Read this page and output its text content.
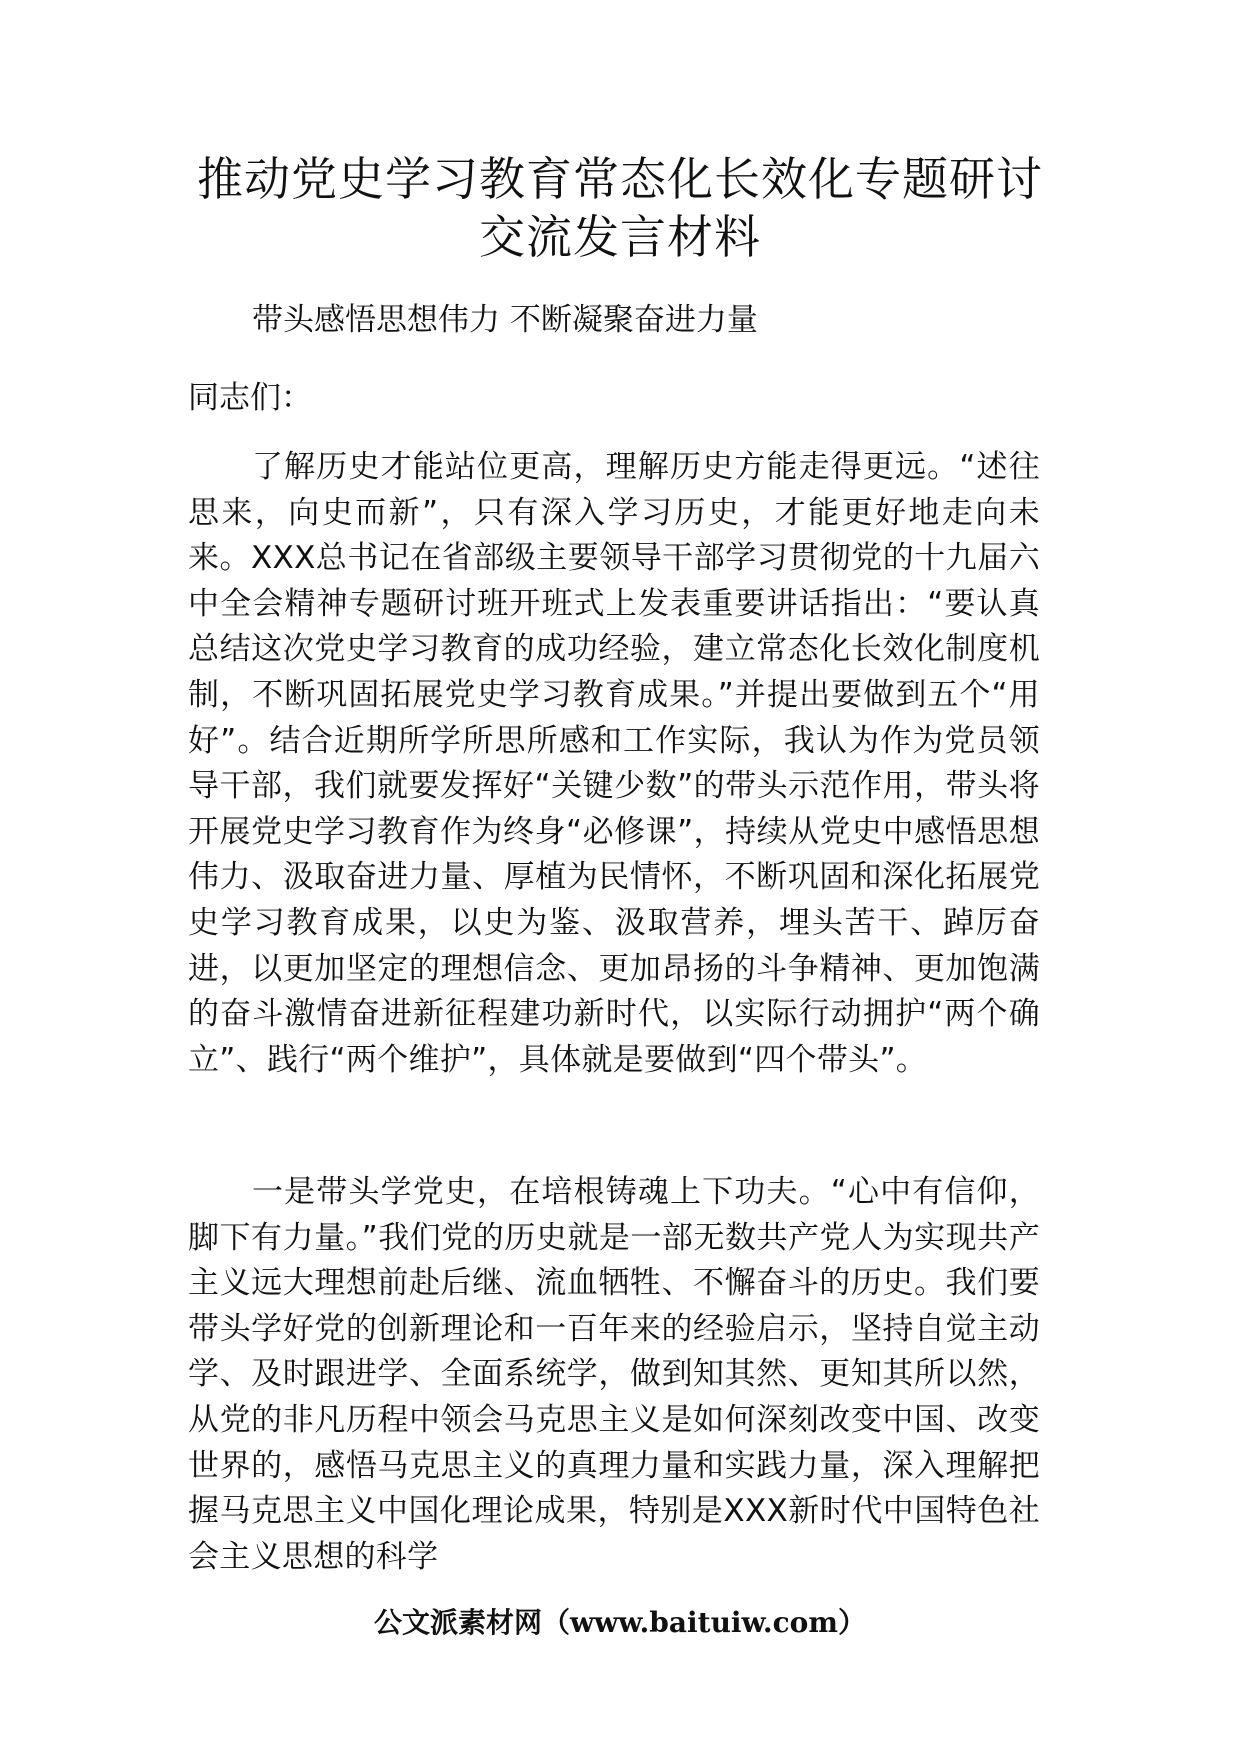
推动党史学习教育常态化长效化专题研讨交流发言材料

带头感悟思想伟力 不断凝聚奋进力量

同志们：

了解历史才能站位更高，理解历史方能走得更远。“述往思来，向史而新”，只有深入学习历史，才能更好地走向未来。XXX总书记在省部级主要领导干部学习贯彻党的十九届六中全会精神专题研讨班开班式上发表重要讲话指出：“要认真总结这次党史学习教育的成功经验，建立常态化长效化制度机制，不断巩固拓展党史学习教育成果。”并提出要做到五个“用好”。结合近期所学所思所感和工作实际，我认为作为党员领导干部，我们就要发挥好“关键少数”的带头示范作用，带头将开展党史学习教育作为终身“必修课”，持续从党史中感悟思想伟力、汲取奋进力量、厚植为民情怀，不断巩固和深化拓展党史学习教育成果，以史为鉴、汲取营养，埋头苦干、踔厉奋进，以更加坚定的理想信念、更加昂扬的斗争精神、更加饱满的奋斗激情奋进新征程建功新时代，以实际行动拥护“两个确立”、践行“两个维护”，具体就是要做到“四个带头”。

一是带头学党史，在培根铸魂上下功夫。“心中有信仰，脚下有力量。”我们党的历史就是一部无数共产党人为实现共产主义远大理想前赴后继、流血牺牲、不懈奋斗的历史。我们要带头学好党的创新理论和一百年来的经验启示，坚持自觉主动学、及时跟进学、全面系统学，做到知其然、更知其所以然，从党的非凡历程中领会马克思主义是如何深刻改变中国、改变世界的，感悟马克思主义的真理力量和实践力量，深入理解把握马克思主义中国化理论成果，特别是XXX新时代中国特色社会主义思想的科学

公文派素材网（www.baituiw.com）
